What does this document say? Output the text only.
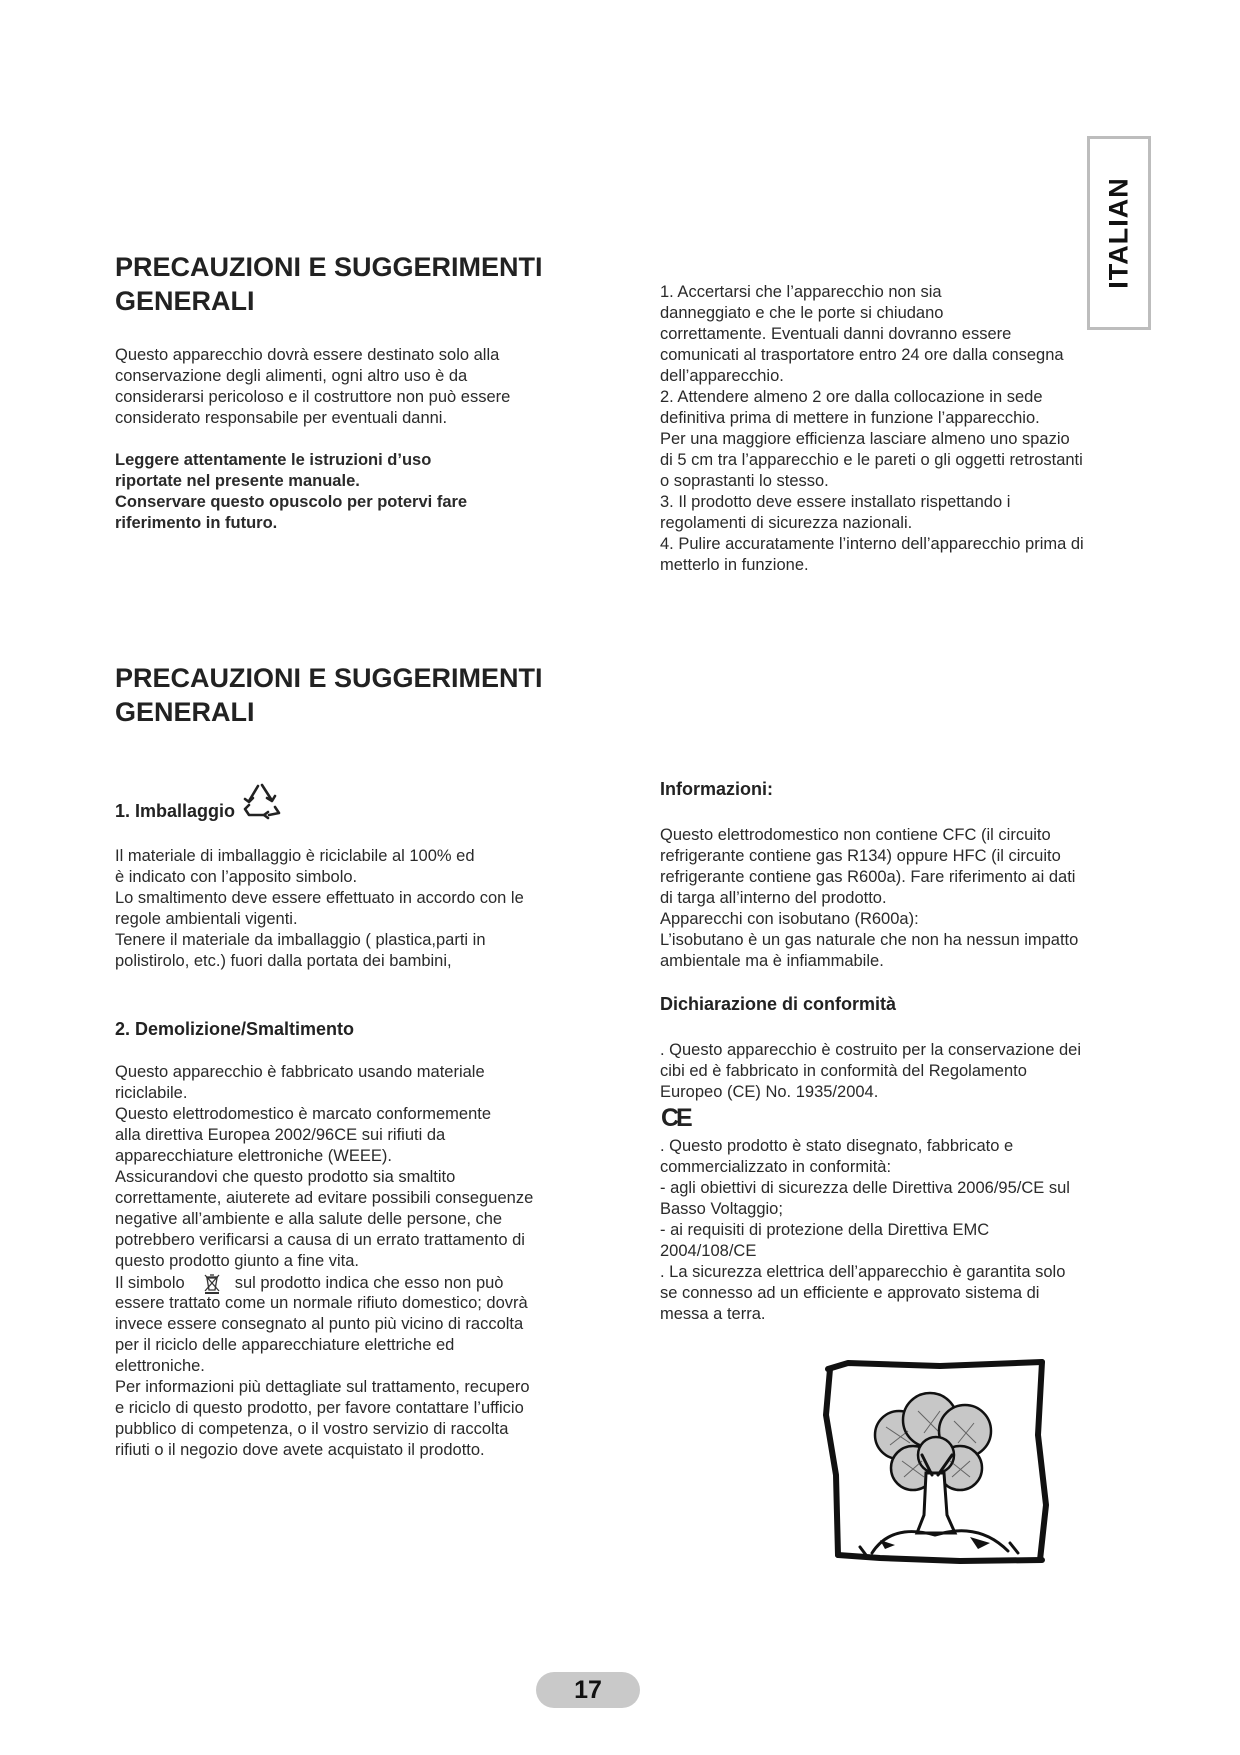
ITALIAN
PRECAUZIONI E SUGGERIMENTI
GENERALI

Questo apparecchio dovrà essere destinato solo alla
conservazione degli alimenti, ogni altro uso è da
considerarsi pericoloso e il costruttore non può essere
considerato responsabile per eventuali danni.

Leggere attentamente le istruzioni d’uso
riportate nel presente manuale.
Conservare questo opuscolo per potervi fare
riferimento in futuro.

1. Accertarsi che l’apparecchio non sia
danneggiato e che le porte si chiudano
correttamente. Eventuali danni dovranno essere
comunicati al trasportatore entro 24 ore dalla consegna
dell’apparecchio.
2. Attendere almeno 2 ore dalla collocazione in sede
definitiva prima di mettere in funzione l’apparecchio.
Per una maggiore efficienza lasciare almeno uno spazio
di 5 cm tra l’apparecchio e le pareti o gli oggetti retrostanti
o soprastanti lo stesso.
3. Il prodotto deve essere installato rispettando i
regolamenti di sicurezza nazionali.
4. Pulire accuratamente l’interno dell’apparecchio prima di
metterlo in funzione.

PRECAUZIONI E SUGGERIMENTI
GENERALI
1. Imballaggio

Il materiale di imballaggio è riciclabile al 100% ed
è indicato con l’apposito simbolo.
Lo smaltimento deve essere effettuato in accordo con le
regole ambientali vigenti.
Tenere il materiale da imballaggio ( plastica,parti in
polistirolo, etc.) fuori dalla portata dei bambini,

2. Demolizione/Smaltimento

Questo apparecchio è fabbricato usando materiale
riciclabile.
Questo elettrodomestico è marcato conformemente
alla direttiva Europea 2002/96CE sui rifiuti da
apparecchiature elettroniche (WEEE).
Assicurandovi che questo prodotto sia smaltito
correttamente, aiuterete ad evitare possibili conseguenze
negative all’ambiente e alla salute delle persone, che
potrebbero verificarsi a causa di un errato trattamento di
questo prodotto giunto a fine vita.

Il simbolo	sul prodotto indica che esso non può

essere trattato come un normale rifiuto domestico; dovrà
invece essere consegnato al punto più vicino di raccolta
per il riciclo delle apparecchiature elettriche ed
elettroniche.
Per informazioni più dettagliate sul trattamento, recupero
e riciclo di questo prodotto, per favore contattare l’ufficio
pubblico di competenza, o il vostro servizio di raccolta
rifiuti o il negozio dove avete acquistato il prodotto.

Informazioni:

Questo elettrodomestico non contiene CFC (il circuito
refrigerante contiene gas R134) oppure HFC (il circuito
refrigerante contiene gas R600a). Fare riferimento ai dati
di targa all’interno del prodotto.
Apparecchi con isobutano (R600a):
L’isobutano è un gas naturale che non ha nessun impatto
ambientale ma è infiammabile.

Dichiarazione di conformità

. Questo apparecchio è costruito per la conservazione dei
cibi ed è fabbricato in conformità del Regolamento
Europeo (CE) No. 1935/2004.

CE

. Questo prodotto è stato disegnato, fabbricato e
commercializzato in conformità:
- agli obiettivi di sicurezza delle Direttiva 2006/95/CE sul
Basso Voltaggio;
- ai requisiti di protezione della Direttiva EMC
2004/108/CE
. La sicurezza elettrica dell’apparecchio è garantita solo
se connesso ad un efficiente e approvato sistema di
messa a terra.

17
